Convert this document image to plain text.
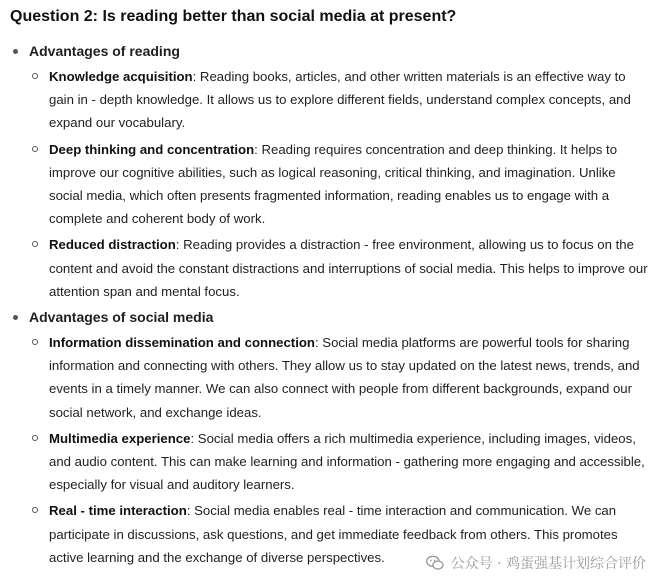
Question 2: Is reading better than social media at present?
Advantages of reading
Knowledge acquisition: Reading books, articles, and other written materials is an effective way to gain in - depth knowledge. It allows us to explore different fields, understand complex concepts, and expand our vocabulary.
Deep thinking and concentration: Reading requires concentration and deep thinking. It helps to improve our cognitive abilities, such as logical reasoning, critical thinking, and imagination. Unlike social media, which often presents fragmented information, reading enables us to engage with a complete and coherent body of work.
Reduced distraction: Reading provides a distraction - free environment, allowing us to focus on the content and avoid the constant distractions and interruptions of social media. This helps to improve our attention span and mental focus.
Advantages of social media
Information dissemination and connection: Social media platforms are powerful tools for sharing information and connecting with others. They allow us to stay updated on the latest news, trends, and events in a timely manner. We can also connect with people from different backgrounds, expand our social network, and exchange ideas.
Multimedia experience: Social media offers a rich multimedia experience, including images, videos, and audio content. This can make learning and information - gathering more engaging and accessible, especially for visual and auditory learners.
Real - time interaction: Social media enables real - time interaction and communication. We can participate in discussions, ask questions, and get immediate feedback from others. This promotes active learning and the exchange of diverse perspectives.	公众号 · 鸡蛋强基计划综合评价
